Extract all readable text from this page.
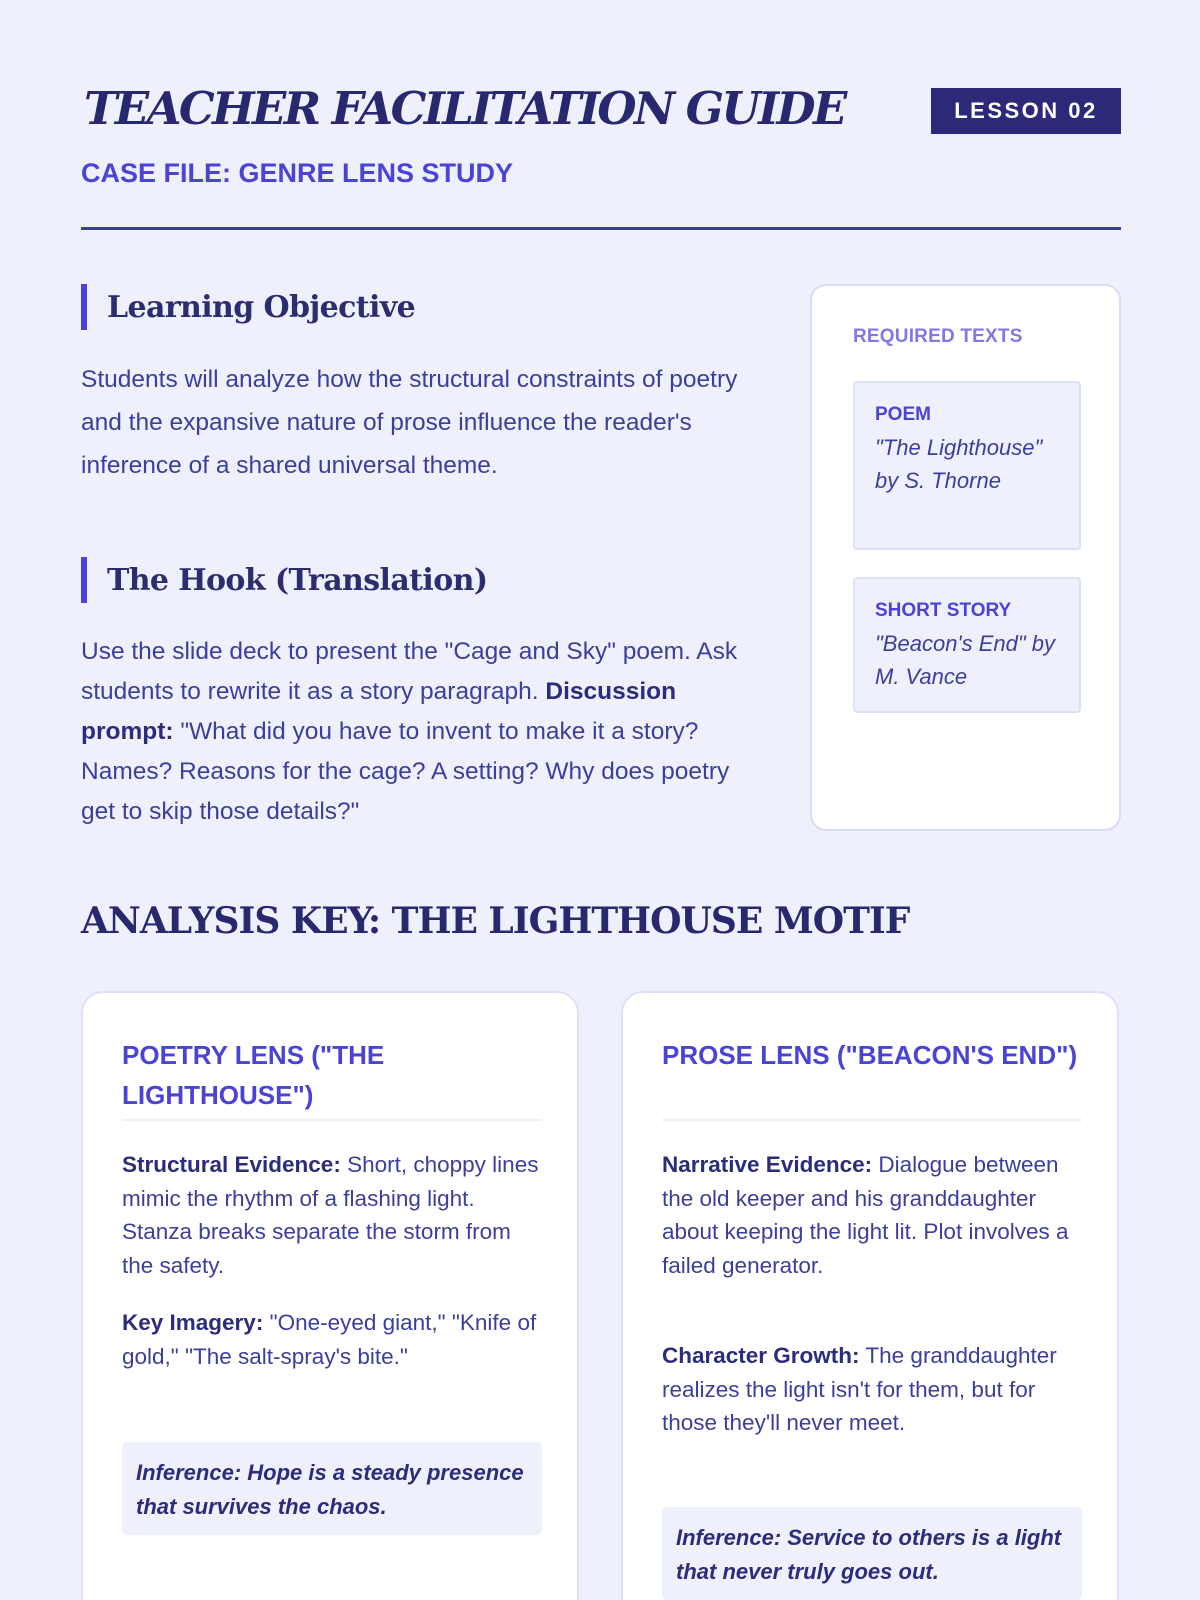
TEACHER FACILITATION GUIDE	LESSON 02
CASE FILE: GENRE LENS STUDY
Learning Objective

Students will analyze how the structural constraints of poetry and the expansive nature of prose influence the reader's inference of a shared universal theme.

The Hook (Translation)

Use the slide deck to present the "Cage and Sky" poem. Ask students to rewrite it as a story paragraph. Discussion prompt: "What did you have to invent to make it a story? Names? Reasons for the cage? A setting? Why does poetry get to skip those details?"

REQUIRED TEXTS
POEM
"The Lighthouse" by S. Thorne
SHORT STORY
"Beacon's End" by M. Vance
ANALYSIS KEY: THE LIGHTHOUSE MOTIF
POETRY LENS ("THE LIGHTHOUSE")

Structural Evidence: Short, choppy lines mimic the rhythm of a flashing light. Stanza breaks separate the storm from the safety.

Key Imagery: "One-eyed giant," "Knife of gold," "The salt-spray's bite."

Inference: Hope is a steady presence that survives the chaos.
PROSE LENS ("BEACON'S END")

Narrative Evidence: Dialogue between the old keeper and his granddaughter about keeping the light lit. Plot involves a failed generator.

Character Growth: The granddaughter realizes the light isn't for them, but for those they'll never meet.

Inference: Service to others is a light that never truly goes out.
